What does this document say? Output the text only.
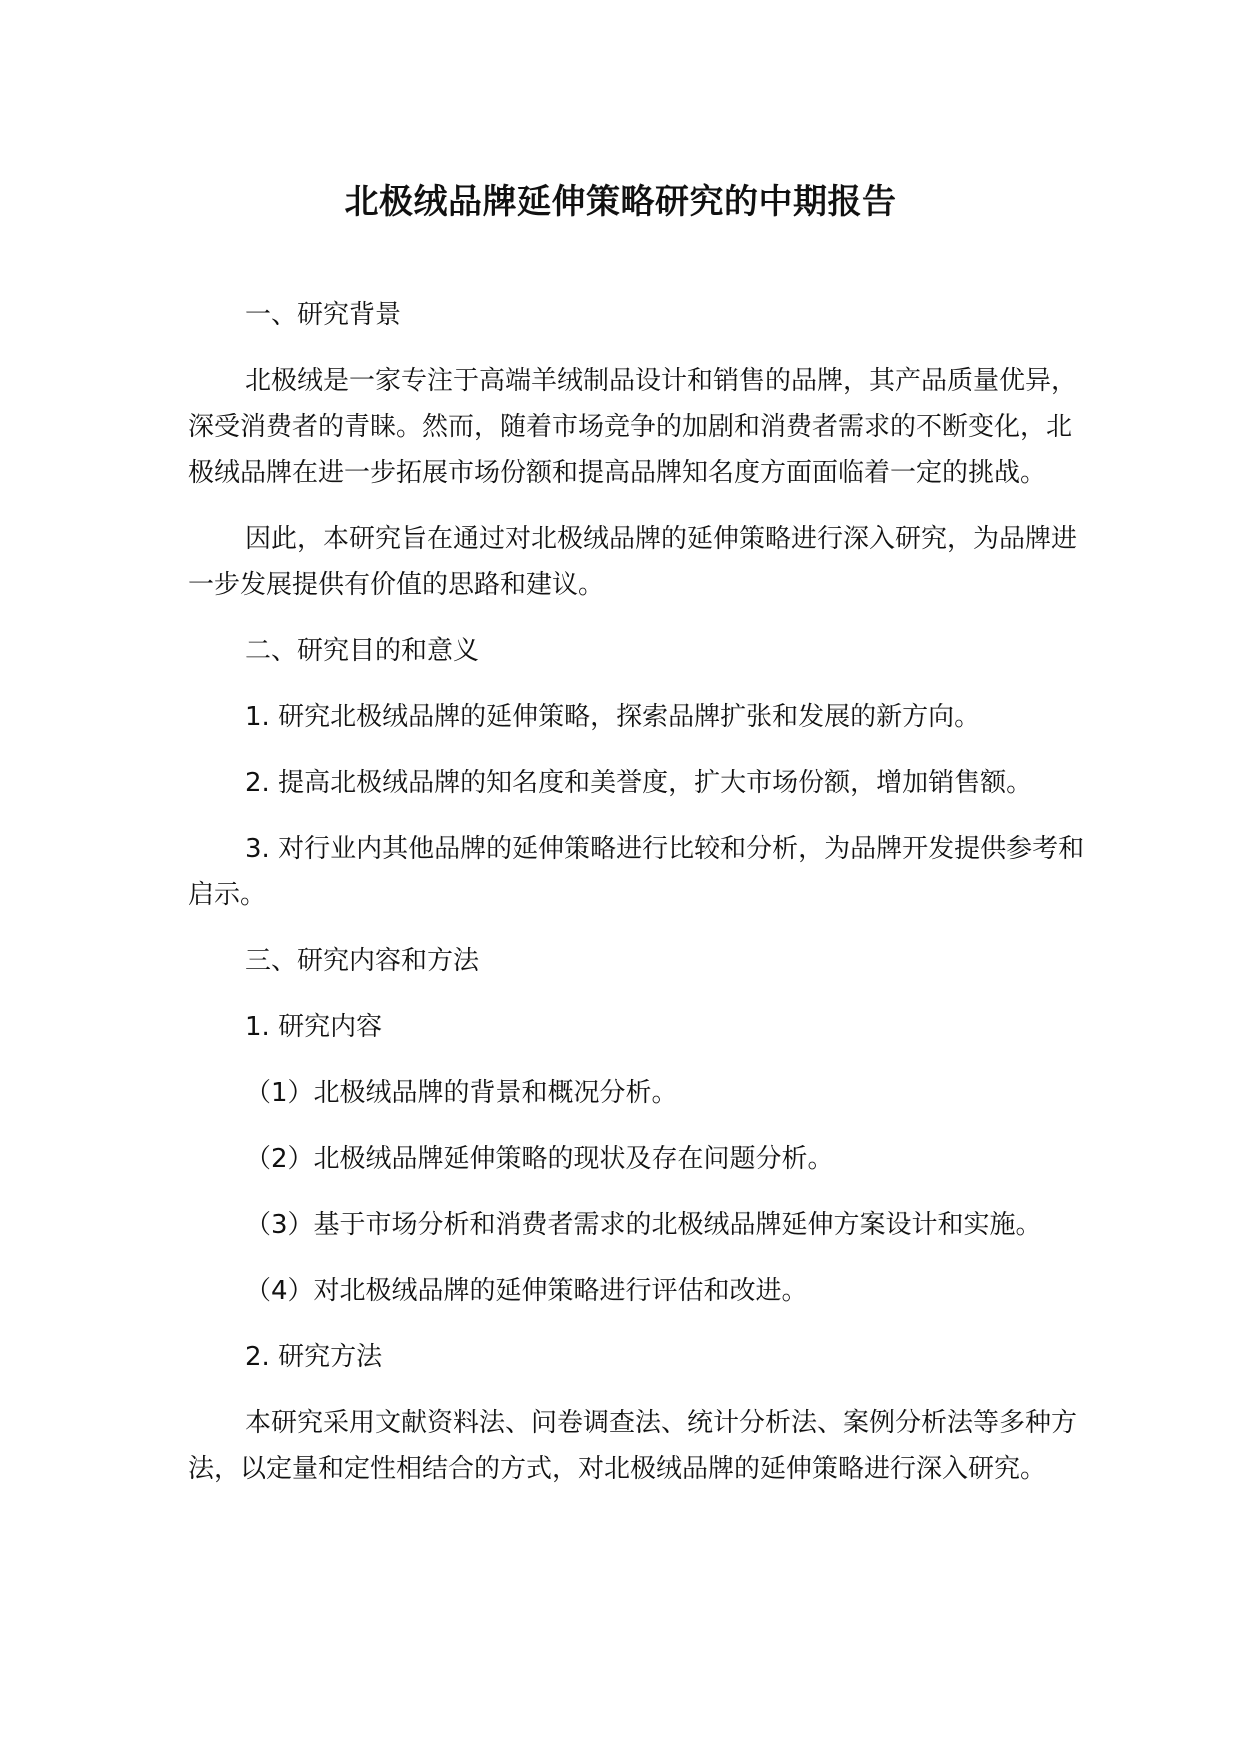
北极绒品牌延伸策略研究的中期报告

一、研究背景

北极绒是一家专注于高端羊绒制品设计和销售的品牌，其产品质量优异，深受消费者的青睐。然而，随着市场竞争的加剧和消费者需求的不断变化，北极绒品牌在进一步拓展市场份额和提高品牌知名度方面面临着一定的挑战。

因此，本研究旨在通过对北极绒品牌的延伸策略进行深入研究，为品牌进一步发展提供有价值的思路和建议。

二、研究目的和意义

1. 研究北极绒品牌的延伸策略，探索品牌扩张和发展的新方向。

2. 提高北极绒品牌的知名度和美誉度，扩大市场份额，增加销售额。

3. 对行业内其他品牌的延伸策略进行比较和分析，为品牌开发提供参考和启示。

三、研究内容和方法

1. 研究内容

（1）北极绒品牌的背景和概况分析。

（2）北极绒品牌延伸策略的现状及存在问题分析。

（3）基于市场分析和消费者需求的北极绒品牌延伸方案设计和实施。

（4）对北极绒品牌的延伸策略进行评估和改进。

2. 研究方法

本研究采用文献资料法、问卷调查法、统计分析法、案例分析法等多种方法，以定量和定性相结合的方式，对北极绒品牌的延伸策略进行深入研究。
